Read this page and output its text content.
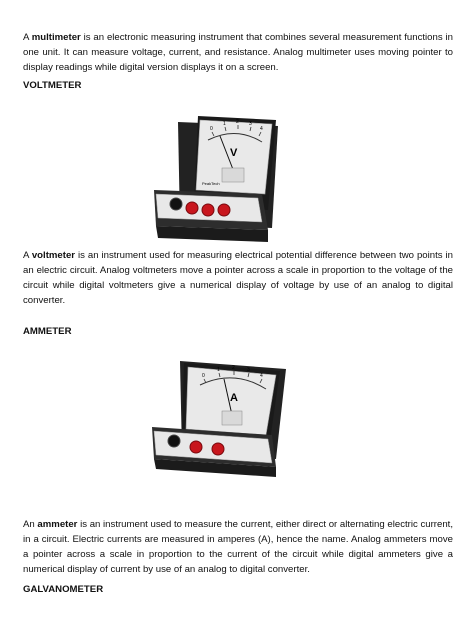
A multimeter is an electronic measuring instrument that combines several measurement functions in one unit. It can measure voltage, current, and resistance. Analog multimeter uses moving pointer to display readings while digital version displays it on a screen.

VOLTMETER

0
1 2 3
4
V
PeakTech

A voltmeter is an instrument used for measuring electrical potential difference between two points in an electric circuit. Analog voltmeters move a pointer across a scale in proportion to the voltage of the circuit while digital voltmeters give a numerical display of voltage by use of an analog to digital converter.

AMMETER

0
1 2 3
4
A

An ammeter is an instrument used to measure the current, either direct or alternating electric current, in a circuit. Electric currents are measured in amperes (A), hence the name. Analog ammeters move a pointer across a scale in proportion to the current of the circuit while digital ammeters give a numerical display of current by use of an analog to digital converter.

GALVANOMETER
